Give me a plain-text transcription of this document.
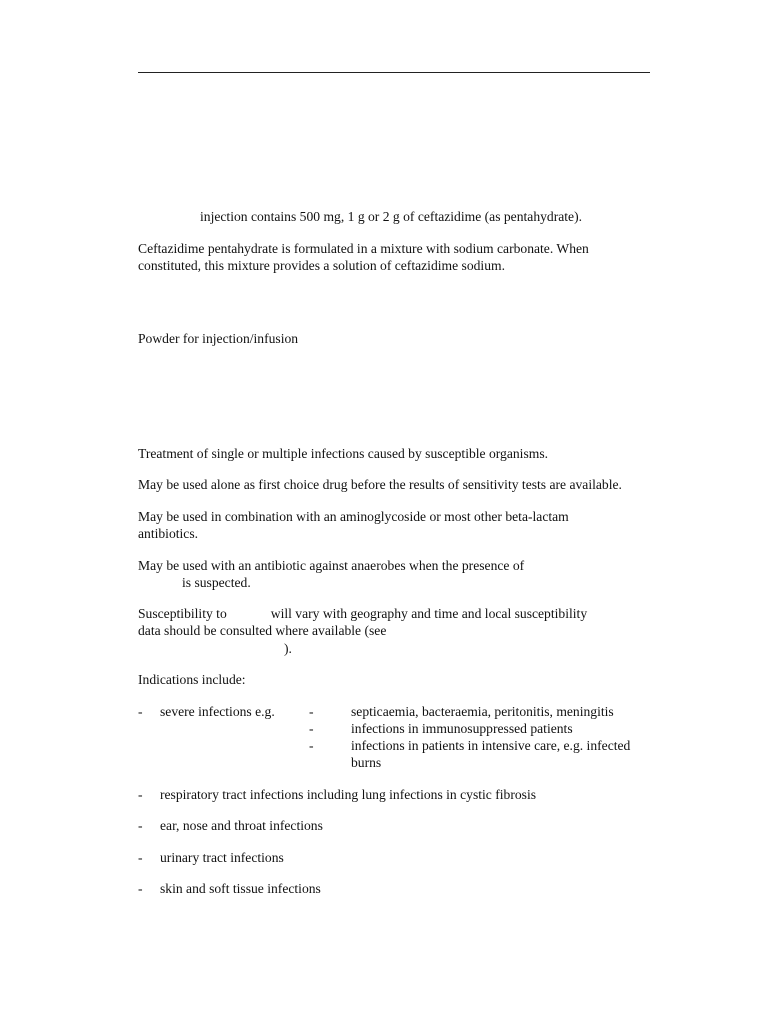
injection contains 500 mg, 1 g or 2 g of ceftazidime (as pentahydrate).
Ceftazidime pentahydrate is formulated in a mixture with sodium carbonate. When
constituted, this mixture provides a solution of ceftazidime sodium.
Powder for injection/infusion
Treatment of single or multiple infections caused by susceptible organisms.
May be used alone as first choice drug before the results of sensitivity tests are available.
May be used in combination with an aminoglycoside or most other beta-lactam
antibiotics.
May be used with an antibiotic against anaerobes when the presence of
is suspected.
Susceptibility to	will vary with geography and time and local susceptibility
data should be consulted where available (see
).
Indications include:
- severe infections e.g.	-	septicaemia, bacteraemia, peritonitis, meningitis
-	infections in immunosuppressed patients
-	infections in patients in intensive care, e.g. infected
burns
- respiratory tract infections including lung infections in cystic fibrosis
- ear, nose and throat infections
- urinary tract infections
- skin and soft tissue infections
